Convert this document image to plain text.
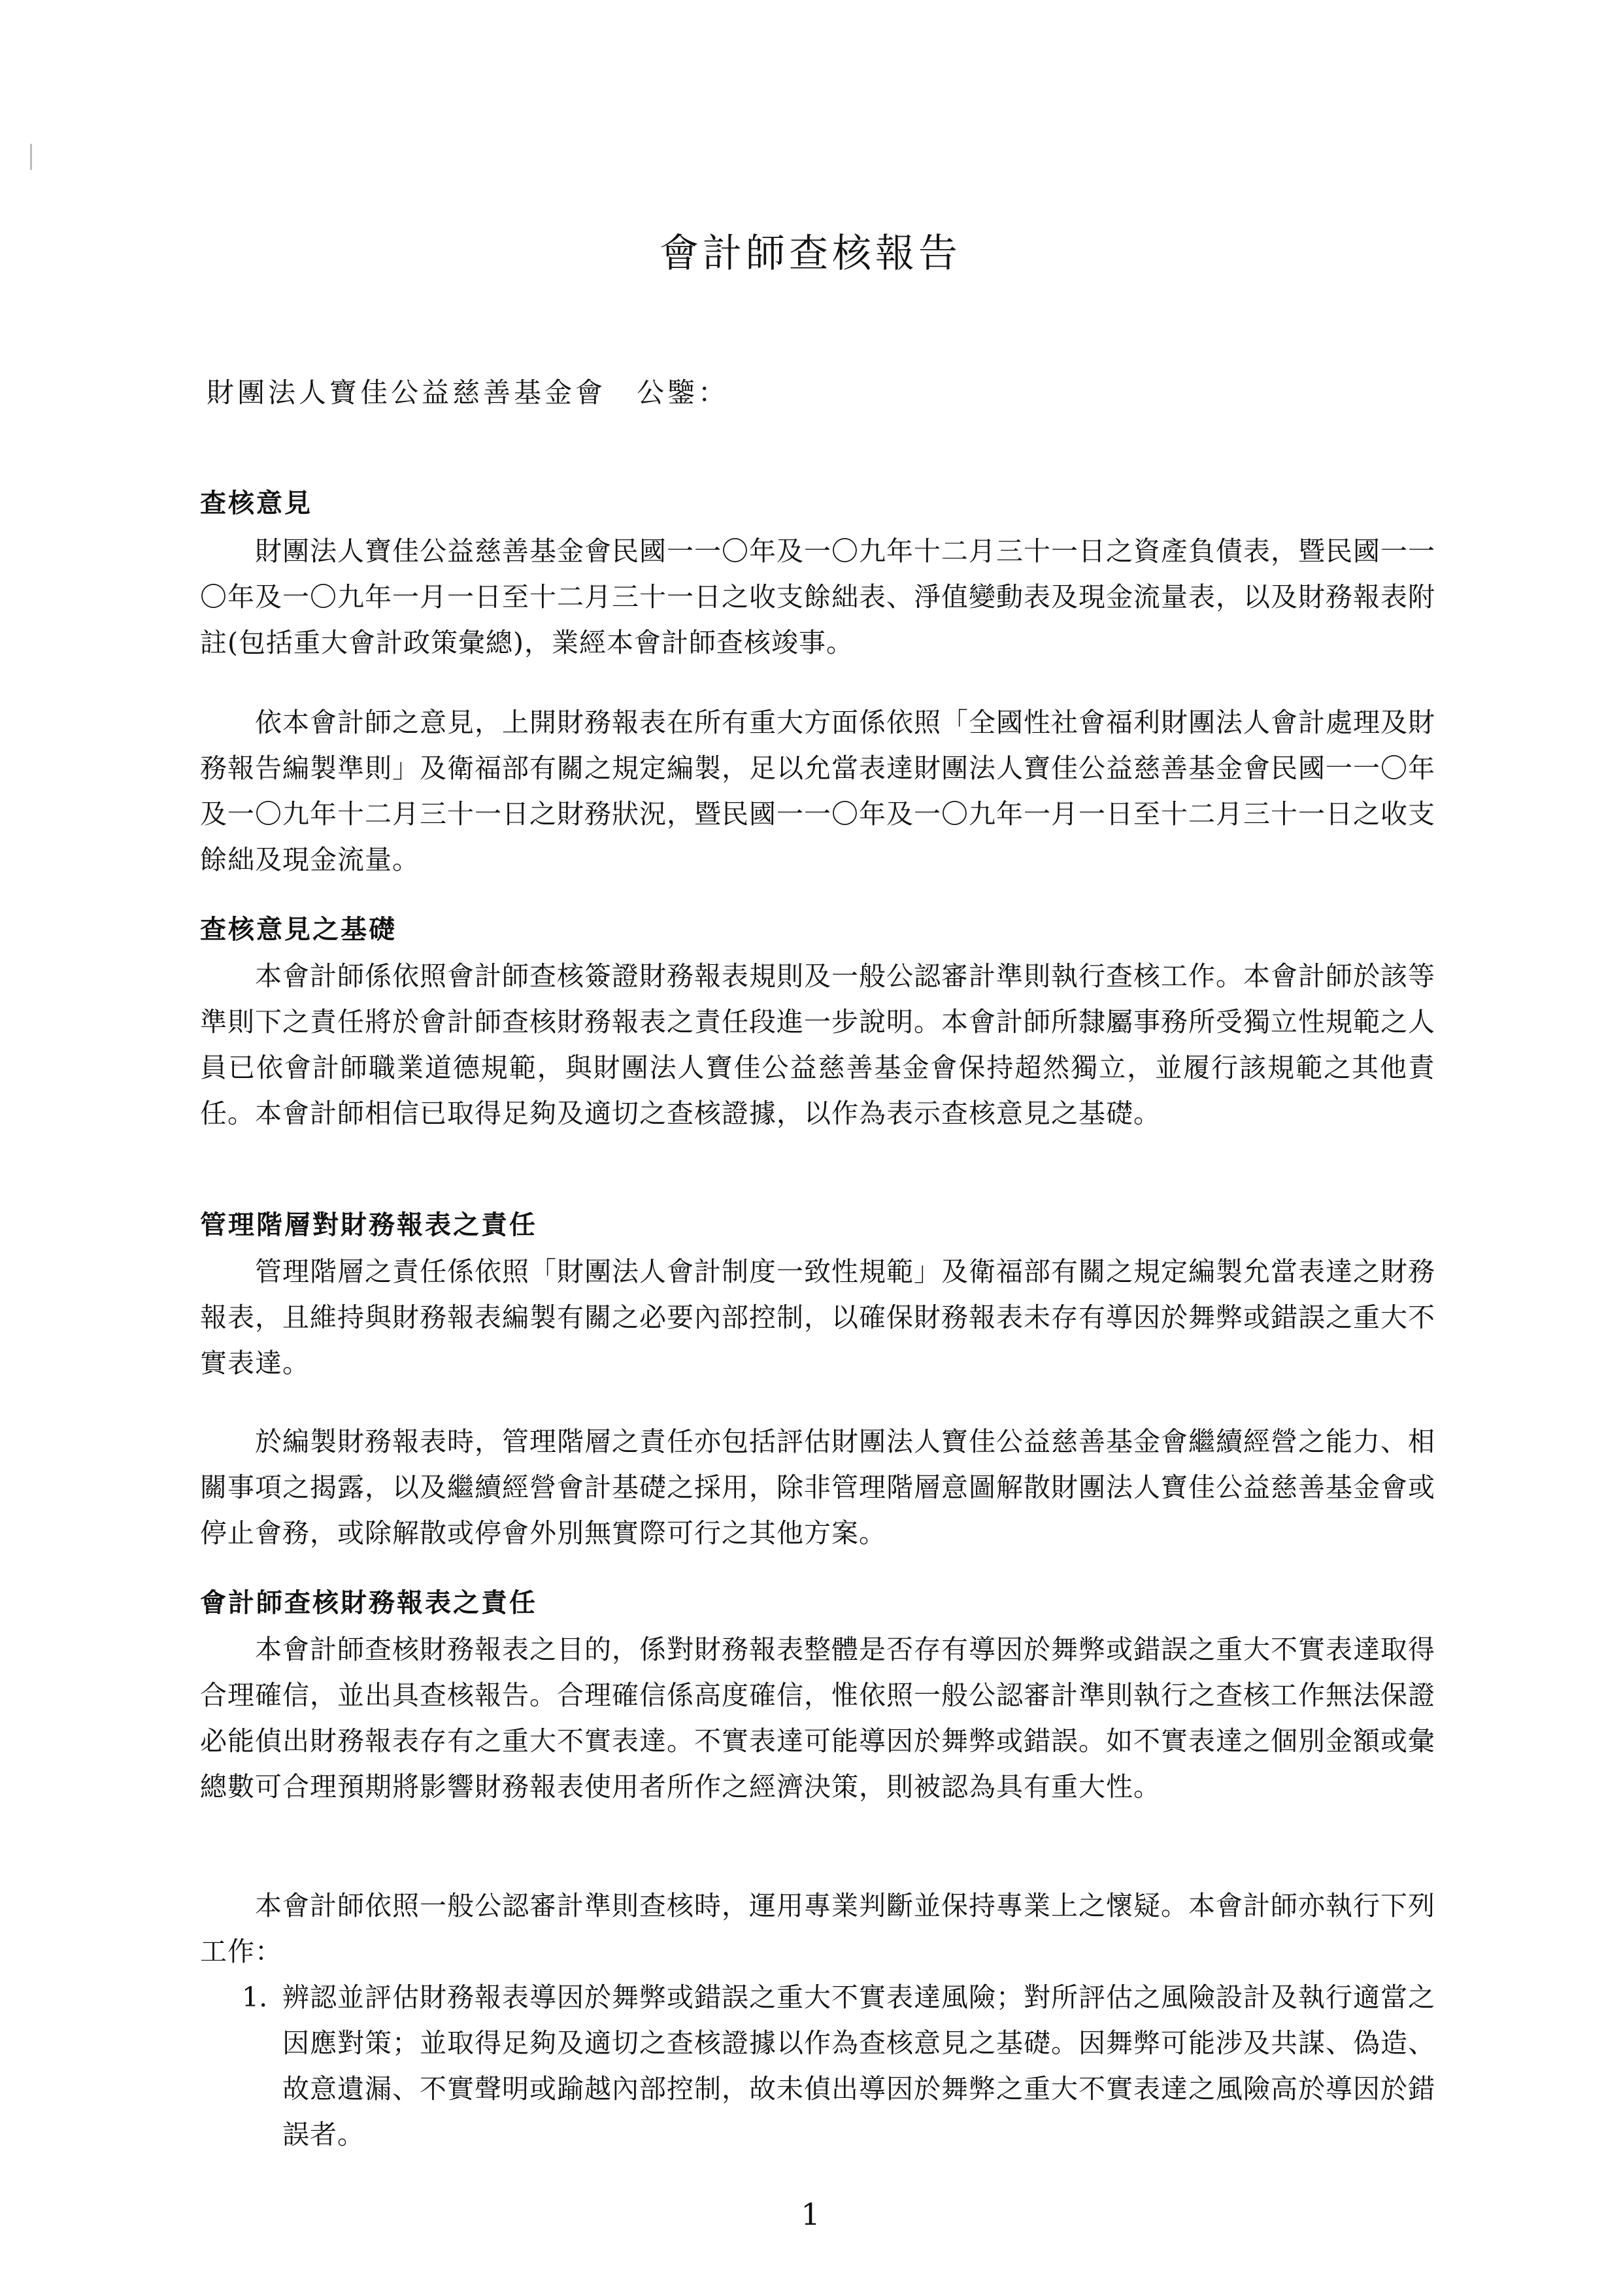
會計師查核報告
財團法人寶佳公益慈善基金會　公鑒：
查核意見

財團法人寶佳公益慈善基金會民國一一〇年及一〇九年十二月三十一日之資產負債表，暨民國一一〇年及一〇九年一月一日至十二月三十一日之收支餘絀表、淨值變動表及現金流量表，以及財務報表附註(包括重大會計政策彙總)，業經本會計師查核竣事。

依本會計師之意見，上開財務報表在所有重大方面係依照「全國性社會福利財團法人會計處理及財務報告編製準則」及衛福部有關之規定編製，足以允當表達財團法人寶佳公益慈善基金會民國一一〇年及一〇九年十二月三十一日之財務狀況，暨民國一一〇年及一〇九年一月一日至十二月三十一日之收支餘絀及現金流量。

查核意見之基礎

本會計師係依照會計師查核簽證財務報表規則及一般公認審計準則執行查核工作。本會計師於該等準則下之責任將於會計師查核財務報表之責任段進一步說明。本會計師所隸屬事務所受獨立性規範之人員已依會計師職業道德規範，與財團法人寶佳公益慈善基金會保持超然獨立，並履行該規範之其他責任。本會計師相信已取得足夠及適切之查核證據，以作為表示查核意見之基礎。

管理階層對財務報表之責任

管理階層之責任係依照「財團法人會計制度一致性規範」及衛福部有關之規定編製允當表達之財務報表，且維持與財務報表編製有關之必要內部控制，以確保財務報表未存有導因於舞弊或錯誤之重大不實表達。

於編製財務報表時，管理階層之責任亦包括評估財團法人寶佳公益慈善基金會繼續經營之能力、相關事項之揭露，以及繼續經營會計基礎之採用，除非管理階層意圖解散財團法人寶佳公益慈善基金會或停止會務，或除解散或停會外別無實際可行之其他方案。

會計師查核財務報表之責任

本會計師查核財務報表之目的，係對財務報表整體是否存有導因於舞弊或錯誤之重大不實表達取得合理確信，並出具查核報告。合理確信係高度確信，惟依照一般公認審計準則執行之查核工作無法保證必能偵出財務報表存有之重大不實表達。不實表達可能導因於舞弊或錯誤。如不實表達之個別金額或彙總數可合理預期將影響財務報表使用者所作之經濟決策，則被認為具有重大性。

本會計師依照一般公認審計準則查核時，運用專業判斷並保持專業上之懷疑。本會計師亦執行下列工作：

1. 辨認並評估財務報表導因於舞弊或錯誤之重大不實表達風險；對所評估之風險設計及執行適當之因應對策；並取得足夠及適切之查核證據以作為查核意見之基礎。因舞弊可能涉及共謀、偽造、故意遺漏、不實聲明或踰越內部控制，故未偵出導因於舞弊之重大不實表達之風險高於導因於錯誤者。

1
